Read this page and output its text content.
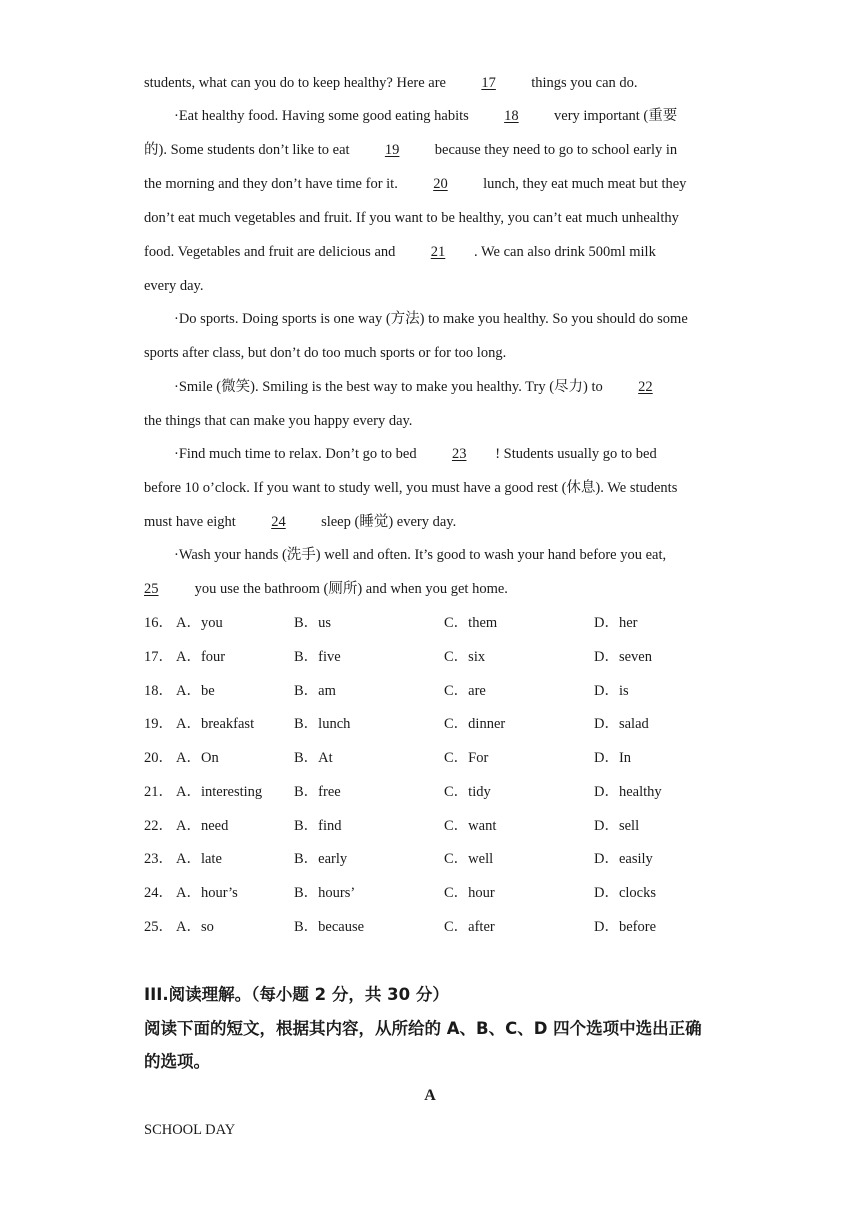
students, what can you do to keep healthy? Here are 17 things you can do.
·Eat healthy food. Having some good eating habits 18 very important (重要
的). Some students don’t like to eat 19 because they need to go to school early in
the morning and they don’t have time for it. 20 lunch, they eat much meat but they
don’t eat much vegetables and fruit. If you want to be healthy, you can’t eat much unhealthy
food. Vegetables and fruit are delicious and 21 . We can also drink 500ml milk
every day.
·Do sports. Doing sports is one way (方法) to make you healthy. So you should do some
sports after class, but don’t do too much sports or for too long.
·Smile (微笑). Smiling is the best way to make you healthy. Try (尽力) to 22
the things that can make you happy every day.
·Find much time to relax. Don’t go to bed 23 ! Students usually go to bed
before 10 o’clock. If you want to study well, you must have a good rest (休息). We students
must have eight 24 sleep (睡觉) every day.
·Wash your hands (洗手) well and often. It’s good to wash your hand before you eat,
25 you use the bathroom (厕所) and when you get home.
16． A．you	B．us	C．them	D．her
17． A．four	B．five	C．six	D．seven
18． A．be	B．am	C．are	D．is
19． A．breakfast	B．lunch	C．dinner	D．salad
20． A．On	B．At	C．For	D．In
21． A．interesting B．free	C．tidy	D．healthy
22． A．need	B．find	C．want	D．sell
23． A．late	B．early	C．well	D．easily
24． A．hour’s	B．hours’	C．hour	D．clocks
25． A．so	B．because	C．after	D．before
III.阅读理解。（每小题 2 分，共 30 分）
阅读下面的短文，根据其内容，从所给的 A、B、C、D 四个选项中选出正确
的选项。
A
SCHOOL DAY
